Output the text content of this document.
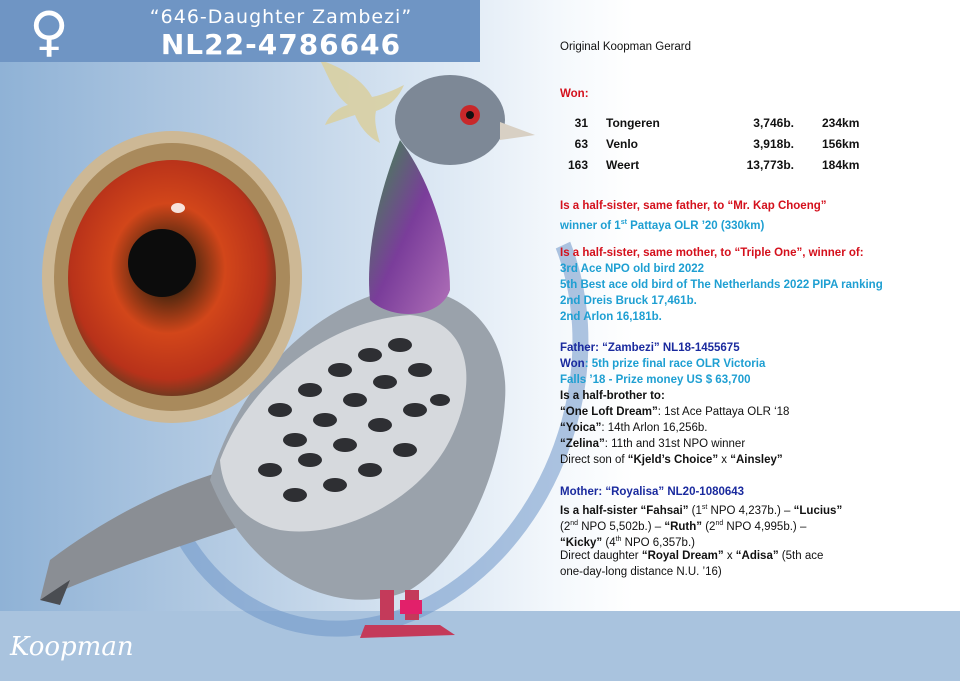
♀	“646-Daughter Zambezi”
NL22-4786646
Koopman
Original Koopman Gerard
Won:
31	Tongeren	3,746b.	234km
63	Venlo	3,918b.	156km
163	Weert	13,773b.	184km
Is a half-sister, same father, to “Mr. Kap Choeng”
winner of 1st Pattaya OLR ’20 (330km)
Is a half-sister, same mother, to “Triple One”, winner of:
3rd Ace NPO old bird 2022
5th Best ace old bird of The Netherlands 2022 PIPA ranking
2nd Dreis Bruck 17,461b.
2nd Arlon 16,181b.
Father: “Zambezi” NL18-1455675
Won: 5th prize final race OLR Victoria
Falls ’18 - Prize money US $ 63,700
Is a half-brother to:
“One Loft Dream”: 1st Ace Pattaya OLR ‘18
“Yoica”: 14th Arlon 16,256b.
“Zelina”: 11th and 31st NPO winner
Direct son of “Kjeld’s Choice” x “Ainsley”
Mother: “Royalisa” NL20-1080643
Is a half-sister “Fahsai” (1st NPO 4,237b.) – “Lucius”
(2nd NPO 5,502b.) – “Ruth” (2nd NPO 4,995b.) –
“Kicky” (4th NPO 6,357b.)
Direct daughter “Royal Dream” x “Adisa” (5th ace
one-day-long distance N.U. ’16)
